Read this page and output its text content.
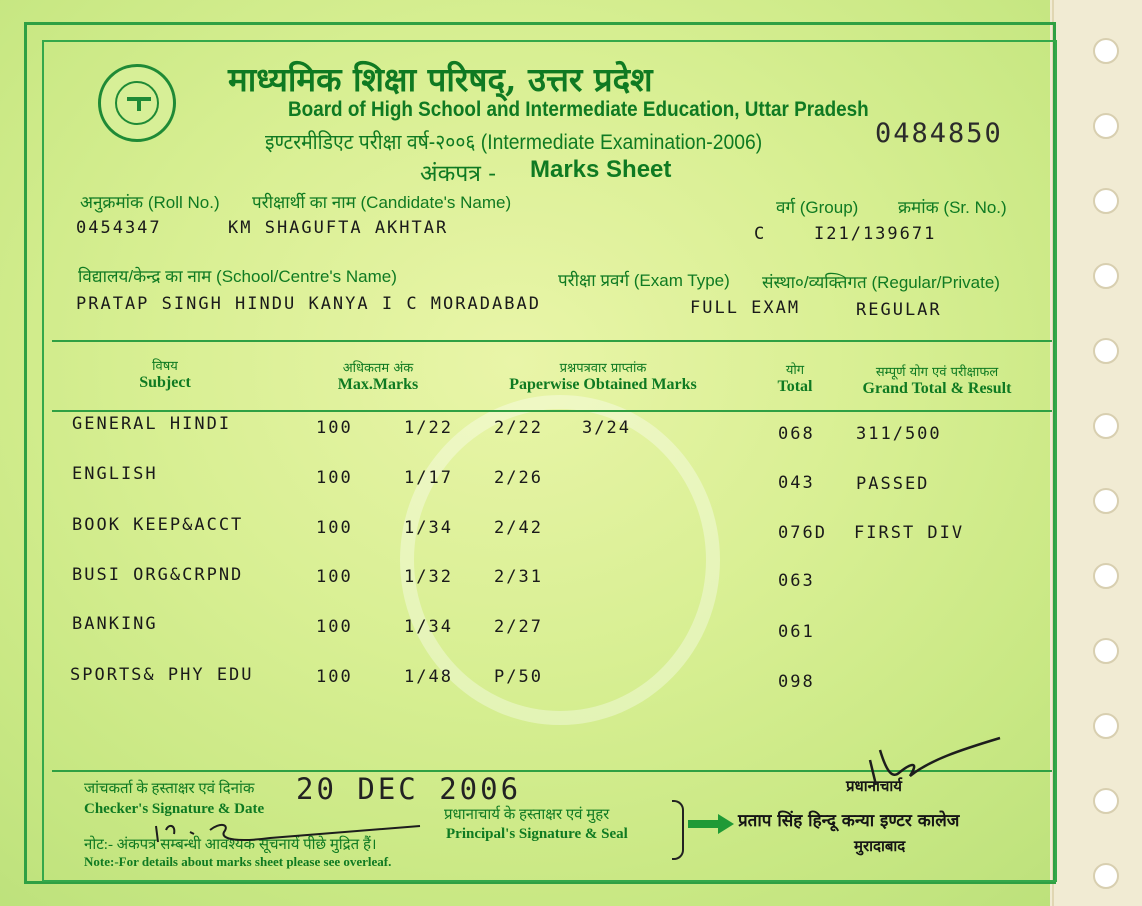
माध्यमिक शिक्षा परिषद्, उत्तर प्रदेश
Board of High School and Intermediate Education, Uttar Pradesh
इण्टरमीडिएट परीक्षा वर्ष-२००६ (Intermediate Examination-2006)
अंकपत्र - Marks Sheet
0484850
अनुक्रमांक (Roll No.) परीक्षार्थी का नाम (Candidate's Name)	वर्ग (Group) क्रमांक (Sr. No.)
0454347	KM SHAGUFTA AKHTAR	C	I21/139671
विद्यालय/केन्द्र का नाम (School/Centre's Name)	परीक्षा प्रवर्ग (Exam Type) संस्था०/व्यक्तिगत (Regular/Private)
PRATAP SINGH HINDU KANYA I C MORADABAD	FULL EXAM	REGULAR
विषय
Subject
अधिकतम अंक
Max.Marks
प्रश्नपत्रवार प्राप्तांक
Paperwise Obtained Marks
योग
Total
सम्पूर्ण योग एवं परीक्षाफल
Grand Total & Result
GENERAL HINDI	100	1/22 2/22 3/24	068 311/500
ENGLISH	100	1/17 2/26	043 PASSED
BOOK KEEP&ACCT	100	1/34 2/42	076D FIRST DIV
BUSI ORG&CRPND	100	1/32 2/31	063
BANKING	100	1/34 2/27	061
SPORTS& PHY EDU	100	1/48 P/50	098
जांचकर्ता के हस्ताक्षर एवं दिनांक
Checker's Signature & Date
20 DEC 2006
प्रधानाचार्य के हस्ताक्षर एवं मुहर
Principal's Signature & Seal
नोट:- अंकपत्र सम्बन्धी आवश्यक सूचनायें पीछे मुद्रित हैं।
Note:-For details about marks sheet please see overleaf.
प्रधानाचार्य
प्रताप सिंह हिन्दू कन्या इण्टर कालेज
मुरादाबाद
